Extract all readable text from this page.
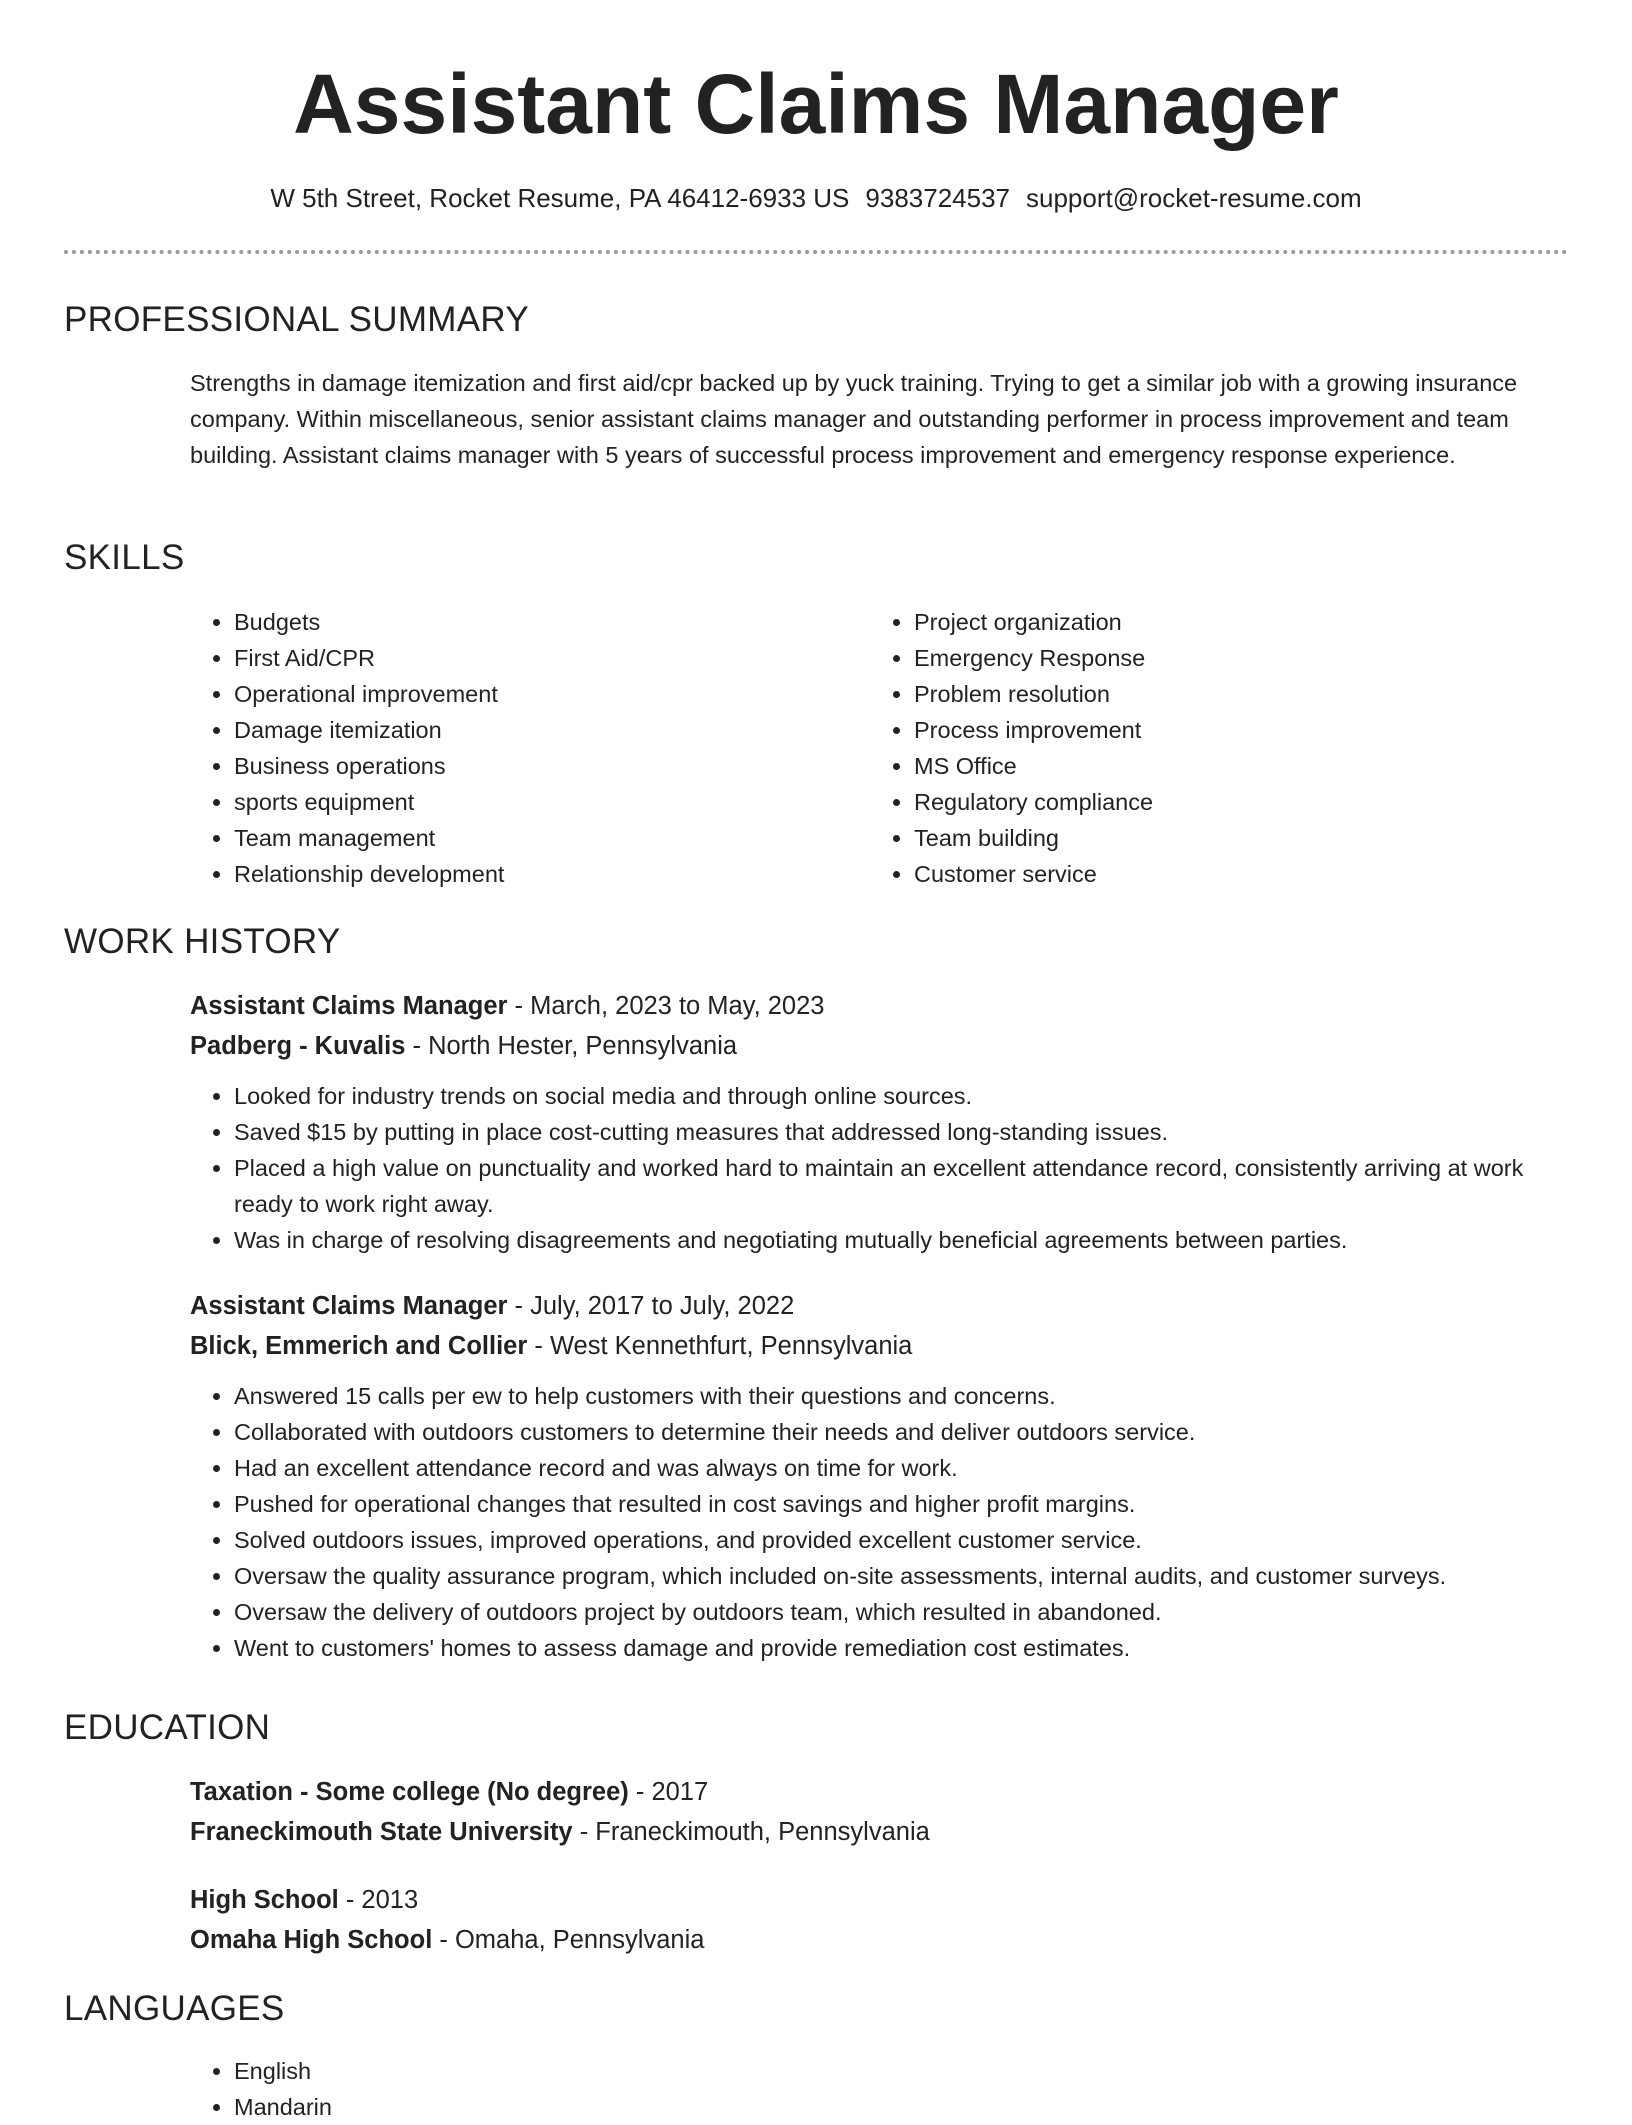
Assistant Claims Manager
W 5th Street, Rocket Resume, PA 46412-6933 US 9383724537 support@rocket-resume.com
PROFESSIONAL SUMMARY

Strengths in damage itemization and first aid/cpr backed up by yuck training. Trying to get a similar job with a growing insurance company. Within miscellaneous, senior assistant claims manager and outstanding performer in process improvement and team building. Assistant claims manager with 5 years of successful process improvement and emergency response experience.

SKILLS
• Budgets
• First Aid/CPR
• Operational improvement
• Damage itemization
• Business operations
• sports equipment
• Team management
• Relationship development
• Project organization
• Emergency Response
• Problem resolution
• Process improvement
• MS Office
• Regulatory compliance
• Team building
• Customer service
WORK HISTORY

Assistant Claims Manager - March, 2023 to May, 2023

Padberg - Kuvalis - North Hester, Pennsylvania

• Looked for industry trends on social media and through online sources.
• Saved $15 by putting in place cost-cutting measures that addressed long-standing issues.
• Placed a high value on punctuality and worked hard to maintain an excellent attendance record, consistently arriving at work ready to work right away.
• Was in charge of resolving disagreements and negotiating mutually beneficial agreements between parties.

Assistant Claims Manager - July, 2017 to July, 2022

Blick, Emmerich and Collier - West Kennethfurt, Pennsylvania

• Answered 15 calls per ew to help customers with their questions and concerns.
• Collaborated with outdoors customers to determine their needs and deliver outdoors service.
• Had an excellent attendance record and was always on time for work.
• Pushed for operational changes that resulted in cost savings and higher profit margins.
• Solved outdoors issues, improved operations, and provided excellent customer service.
• Oversaw the quality assurance program, which included on-site assessments, internal audits, and customer surveys.
• Oversaw the delivery of outdoors project by outdoors team, which resulted in abandoned.
• Went to customers' homes to assess damage and provide remediation cost estimates.
EDUCATION

Taxation - Some college (No degree) - 2017

Franeckimouth State University - Franeckimouth, Pennsylvania

High School - 2013

Omaha High School - Omaha, Pennsylvania

LANGUAGES
• English
• Mandarin
